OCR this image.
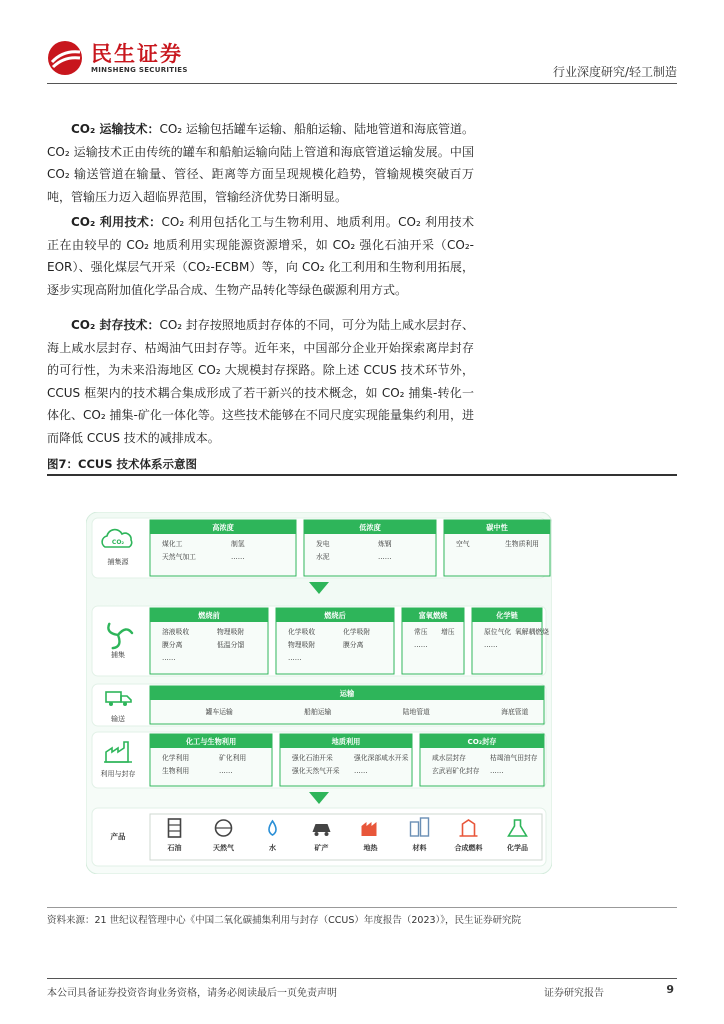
民生证券
MINSHENG SECURITIES	行业深度研究/轻工制造

CO₂ 运输技术：CO₂ 运输包括罐车运输、船舶运输、陆地管道和海底管道。CO₂ 运输技术正由传统的罐车和船舶运输向陆上管道和海底管道运输发展。中国 CO₂ 输送管道在输量、管径、距离等方面呈现规模化趋势，管输规模突破百万吨，管输压力迈入超临界范围，管输经济优势日渐明显。

CO₂ 利用技术：CO₂ 利用包括化工与生物利用、地质利用。CO₂ 利用技术正在由较早的 CO₂ 地质利用实现能源资源增采，如 CO₂ 强化石油开采（CO₂-EOR）、强化煤层气开采（CO₂-ECBM）等，向 CO₂ 化工利用和生物利用拓展，逐步实现高附加值化学品合成、生物产品转化等绿色碳源利用方式。

CO₂ 封存技术：CO₂ 封存按照地质封存体的不同，可分为陆上咸水层封存、海上咸水层封存、枯竭油气田封存等。近年来，中国部分企业开始探索离岸封存的可行性，为未来沿海地区 CO₂ 大规模封存探路。除上述 CCUS 技术环节外，CCUS 框架内的技术耦合集成形成了若干新兴的技术概念，如 CO₂ 捕集-转化一体化、CO₂ 捕集-矿化一体化等。这些技术能够在不同尺度实现能量集约利用，进而降低 CCUS 技术的减排成本。

图7：CCUS 技术体系示意图
CO₂
捕集源
高浓度
煤化工	制氢
天然气加工	……
低浓度
发电	炼钢
水泥	……
碳中性
空气	生物质利用
捕集
燃烧前
溶液吸收	物理吸附
膜分离	低温分馏
……
燃烧后
化学吸收	化学吸附
物理吸附	膜分离
……
富氧燃烧
常压 增压
……
化学链
原位气化 氧解耦燃烧
……
输送
运输
罐车运输	船舶运输	陆地管道	海底管道
利用与封存
化工与生物利用
化学利用	矿化利用
生物利用	……
地质利用
强化石油开采	强化深部咸水开采
强化天然气开采 ……
CO₂封存
咸水层封存	枯竭油气田封存
玄武岩矿化封存 ……
产品
石油	天然气	水	矿产	地热	材料	合成燃料	化学品
资料来源：21 世纪议程管理中心《中国二氧化碳捕集利用与封存（CCUS）年度报告（2023）》，民生证券研究院
本公司具备证券投资咨询业务资格，请务必阅读最后一页免责声明	证券研究报告	9
